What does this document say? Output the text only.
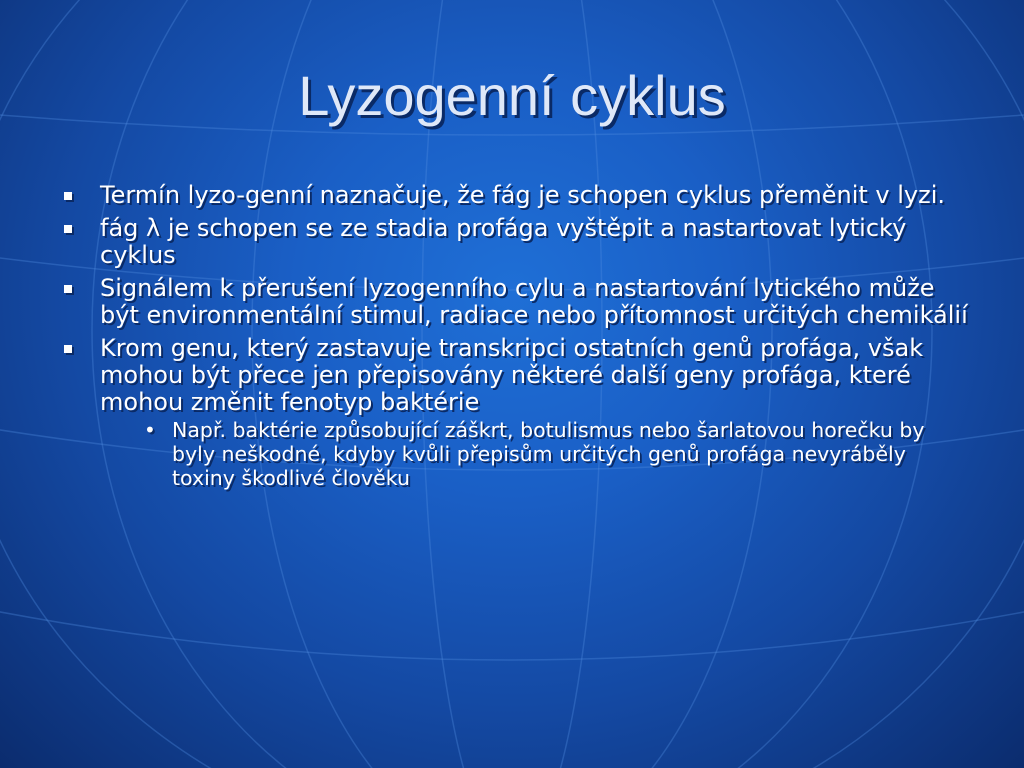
Lyzogenní cyklus
Termín lyzo-genní naznačuje, že fág je schopen cyklus přeměnit v lyzi.
fág λ je schopen se ze stadia profága vyštěpit a nastartovat lytický cyklus
Signálem k přerušení lyzogenního cylu a nastartování lytického může být environmentální stimul, radiace nebo přítomnost určitých chemikálií
Krom genu, který zastavuje transkripci ostatních genů profága, však mohou být přece jen přepisovány některé další geny profága, které mohou změnit fenotyp baktérie
• Např. baktérie způsobující záškrt, botulismus nebo šarlatovou horečku by byly neškodné, kdyby kvůli přepisům určitých genů profága nevyráběly toxiny škodlivé člověku
